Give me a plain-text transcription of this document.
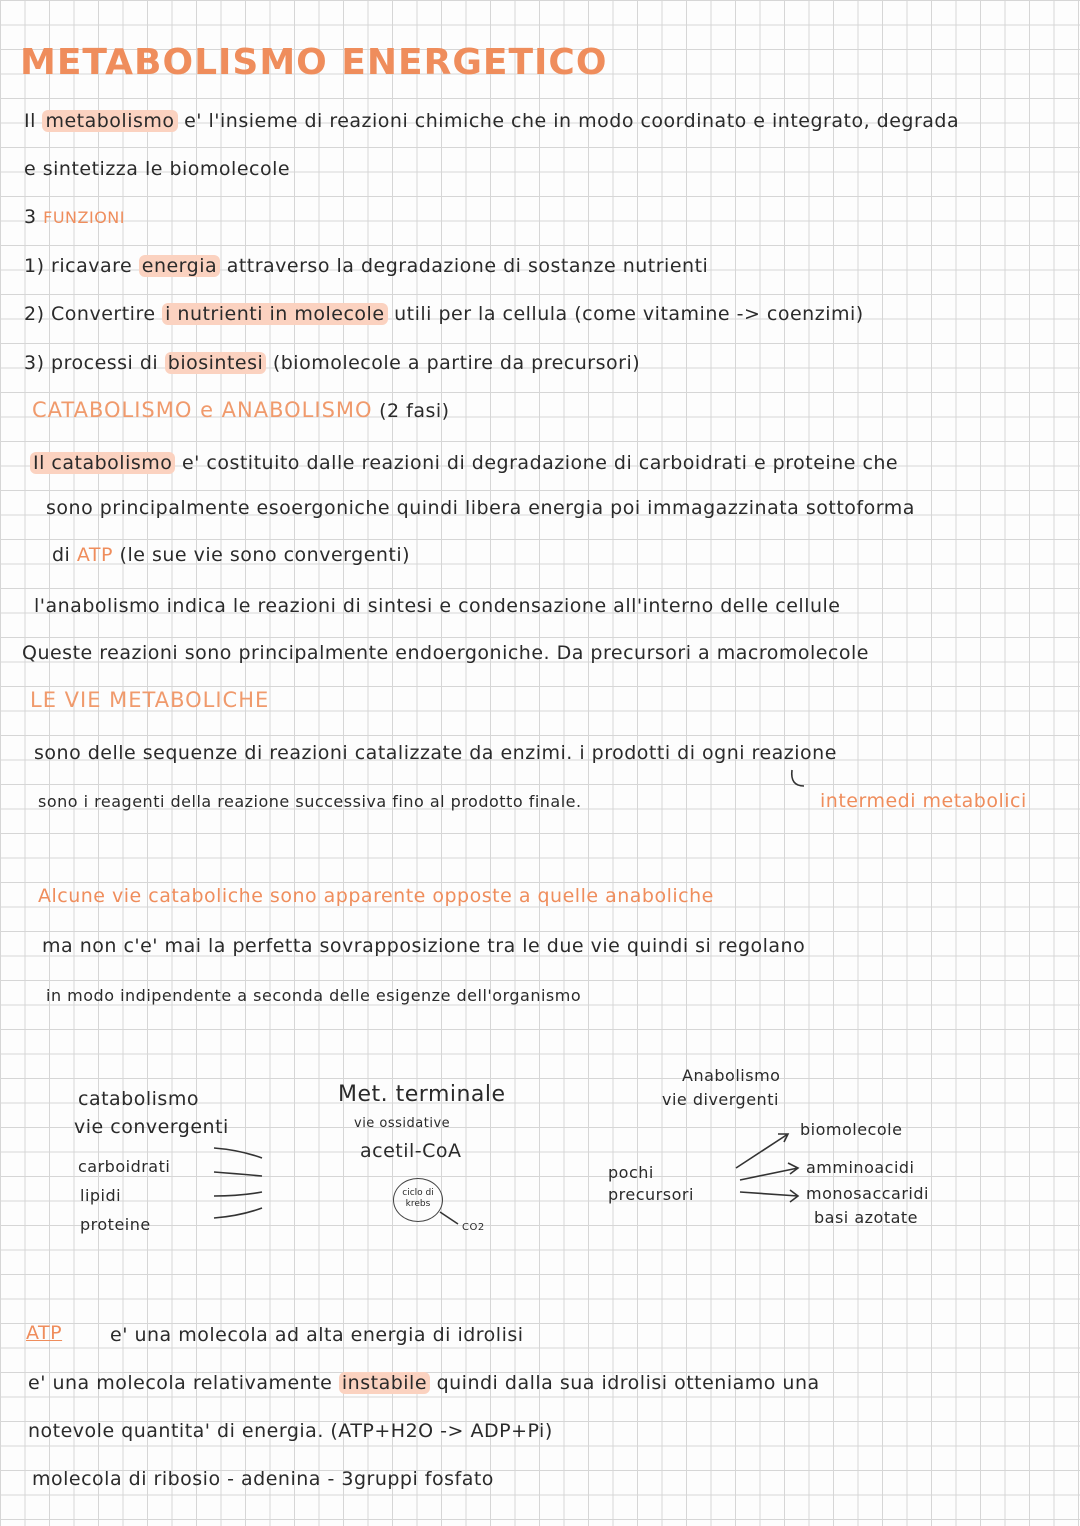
METABOLISMO ENERGETICO
Il metabolismo e' l'insieme di reazioni chimiche che in modo coordinato e integrato, degrada
e sintetizza le biomolecole
3 FUNZIONI
1) ricavare energia attraverso la degradazione di sostanze nutrienti
2) Convertire i nutrienti in molecole utili per la cellula (come vitamine -> coenzimi)
3) processi di biosintesi (biomolecole a partire da precursori)
CATABOLISMO e ANABOLISMO (2 fasi)
Il catabolismo e' costituito dalle reazioni di degradazione di carboidrati e proteine che
sono principalmente esoergoniche quindi libera energia poi immagazzinata sottoforma
di ATP (le sue vie sono convergenti)
l'anabolismo indica le reazioni di sintesi e condensazione all'interno delle cellule
Queste reazioni sono principalmente endoergoniche. Da precursori a macromolecole
LE VIE METABOLICHE
sono delle sequenze di reazioni catalizzate da enzimi. i prodotti di ogni reazione
sono i reagenti della reazione successiva fino al prodotto finale.	intermedi metabolici
Alcune vie cataboliche sono apparente opposte a quelle anaboliche
ma non c'e' mai la perfetta sovrapposizione tra le due vie quindi si regolano
in modo indipendente a seconda delle esigenze dell'organismo
catabolismo
vie convergenti
carboidrati
lipidi
proteine
Met. terminale
vie ossidative
acetil-CoA
ciclo di krebs
CO2
Anabolismo
vie divergenti
pochi precursori
biomolecole
amminoacidi
monosaccaridi
basi azotate
ATP	e' una molecola ad alta energia di idrolisi
e' una molecola relativamente instabile quindi dalla sua idrolisi otteniamo una
notevole quantita' di energia. (ATP+H2O -> ADP+Pi)
molecola di ribosio - adenina - 3gruppi fosfato
